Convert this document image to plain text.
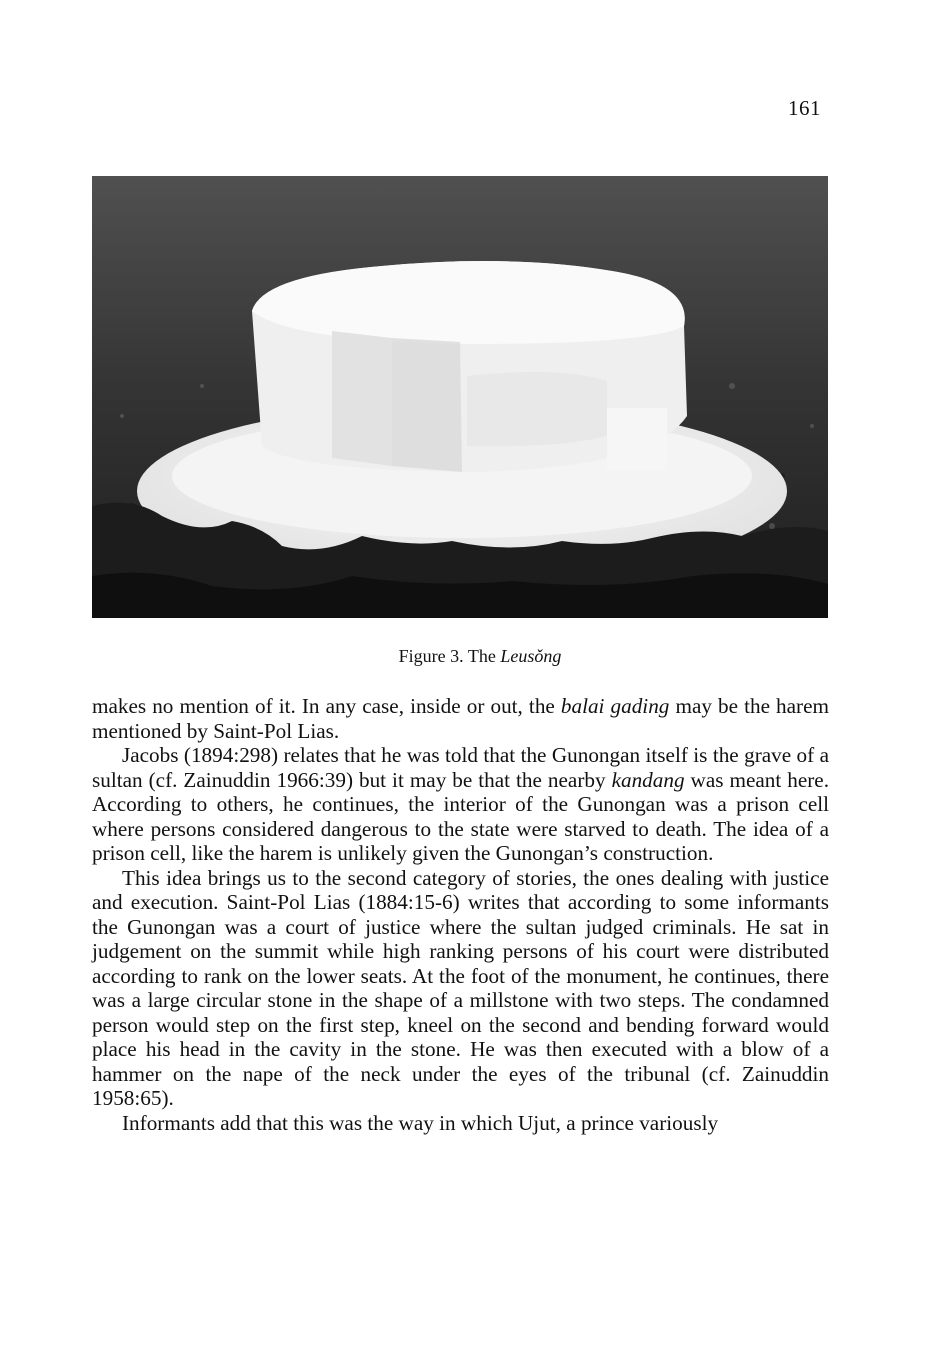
161
Figure 3. The Leusǒng

makes no mention of it. In any case, inside or out, the balai gading may be the harem mentioned by Saint-Pol Lias.

Jacobs (1894:298) relates that he was told that the Gunongan itself is the grave of a sultan (cf. Zainuddin 1966:39) but it may be that the nearby kandang was meant here. According to others, he continues, the interior of the Gunongan was a prison cell where persons considered dangerous to the state were starved to death. The idea of a prison cell, like the harem is unlikely given the Gunongan’s construction.

This idea brings us to the second category of stories, the ones dealing with justice and execution. Saint-Pol Lias (1884:15-6) writes that according to some informants the Gunongan was a court of justice where the sultan judged criminals. He sat in judgement on the summit while high ranking persons of his court were distributed according to rank on the lower seats. At the foot of the monument, he continues, there was a large circular stone in the shape of a millstone with two steps. The condamned person would step on the first step, kneel on the second and bending forward would place his head in the cavity in the stone. He was then executed with a blow of a hammer on the nape of the neck under the eyes of the tribunal (cf. Zainuddin 1958:65).

Informants add that this was the way in which Ujut, a prince variously
